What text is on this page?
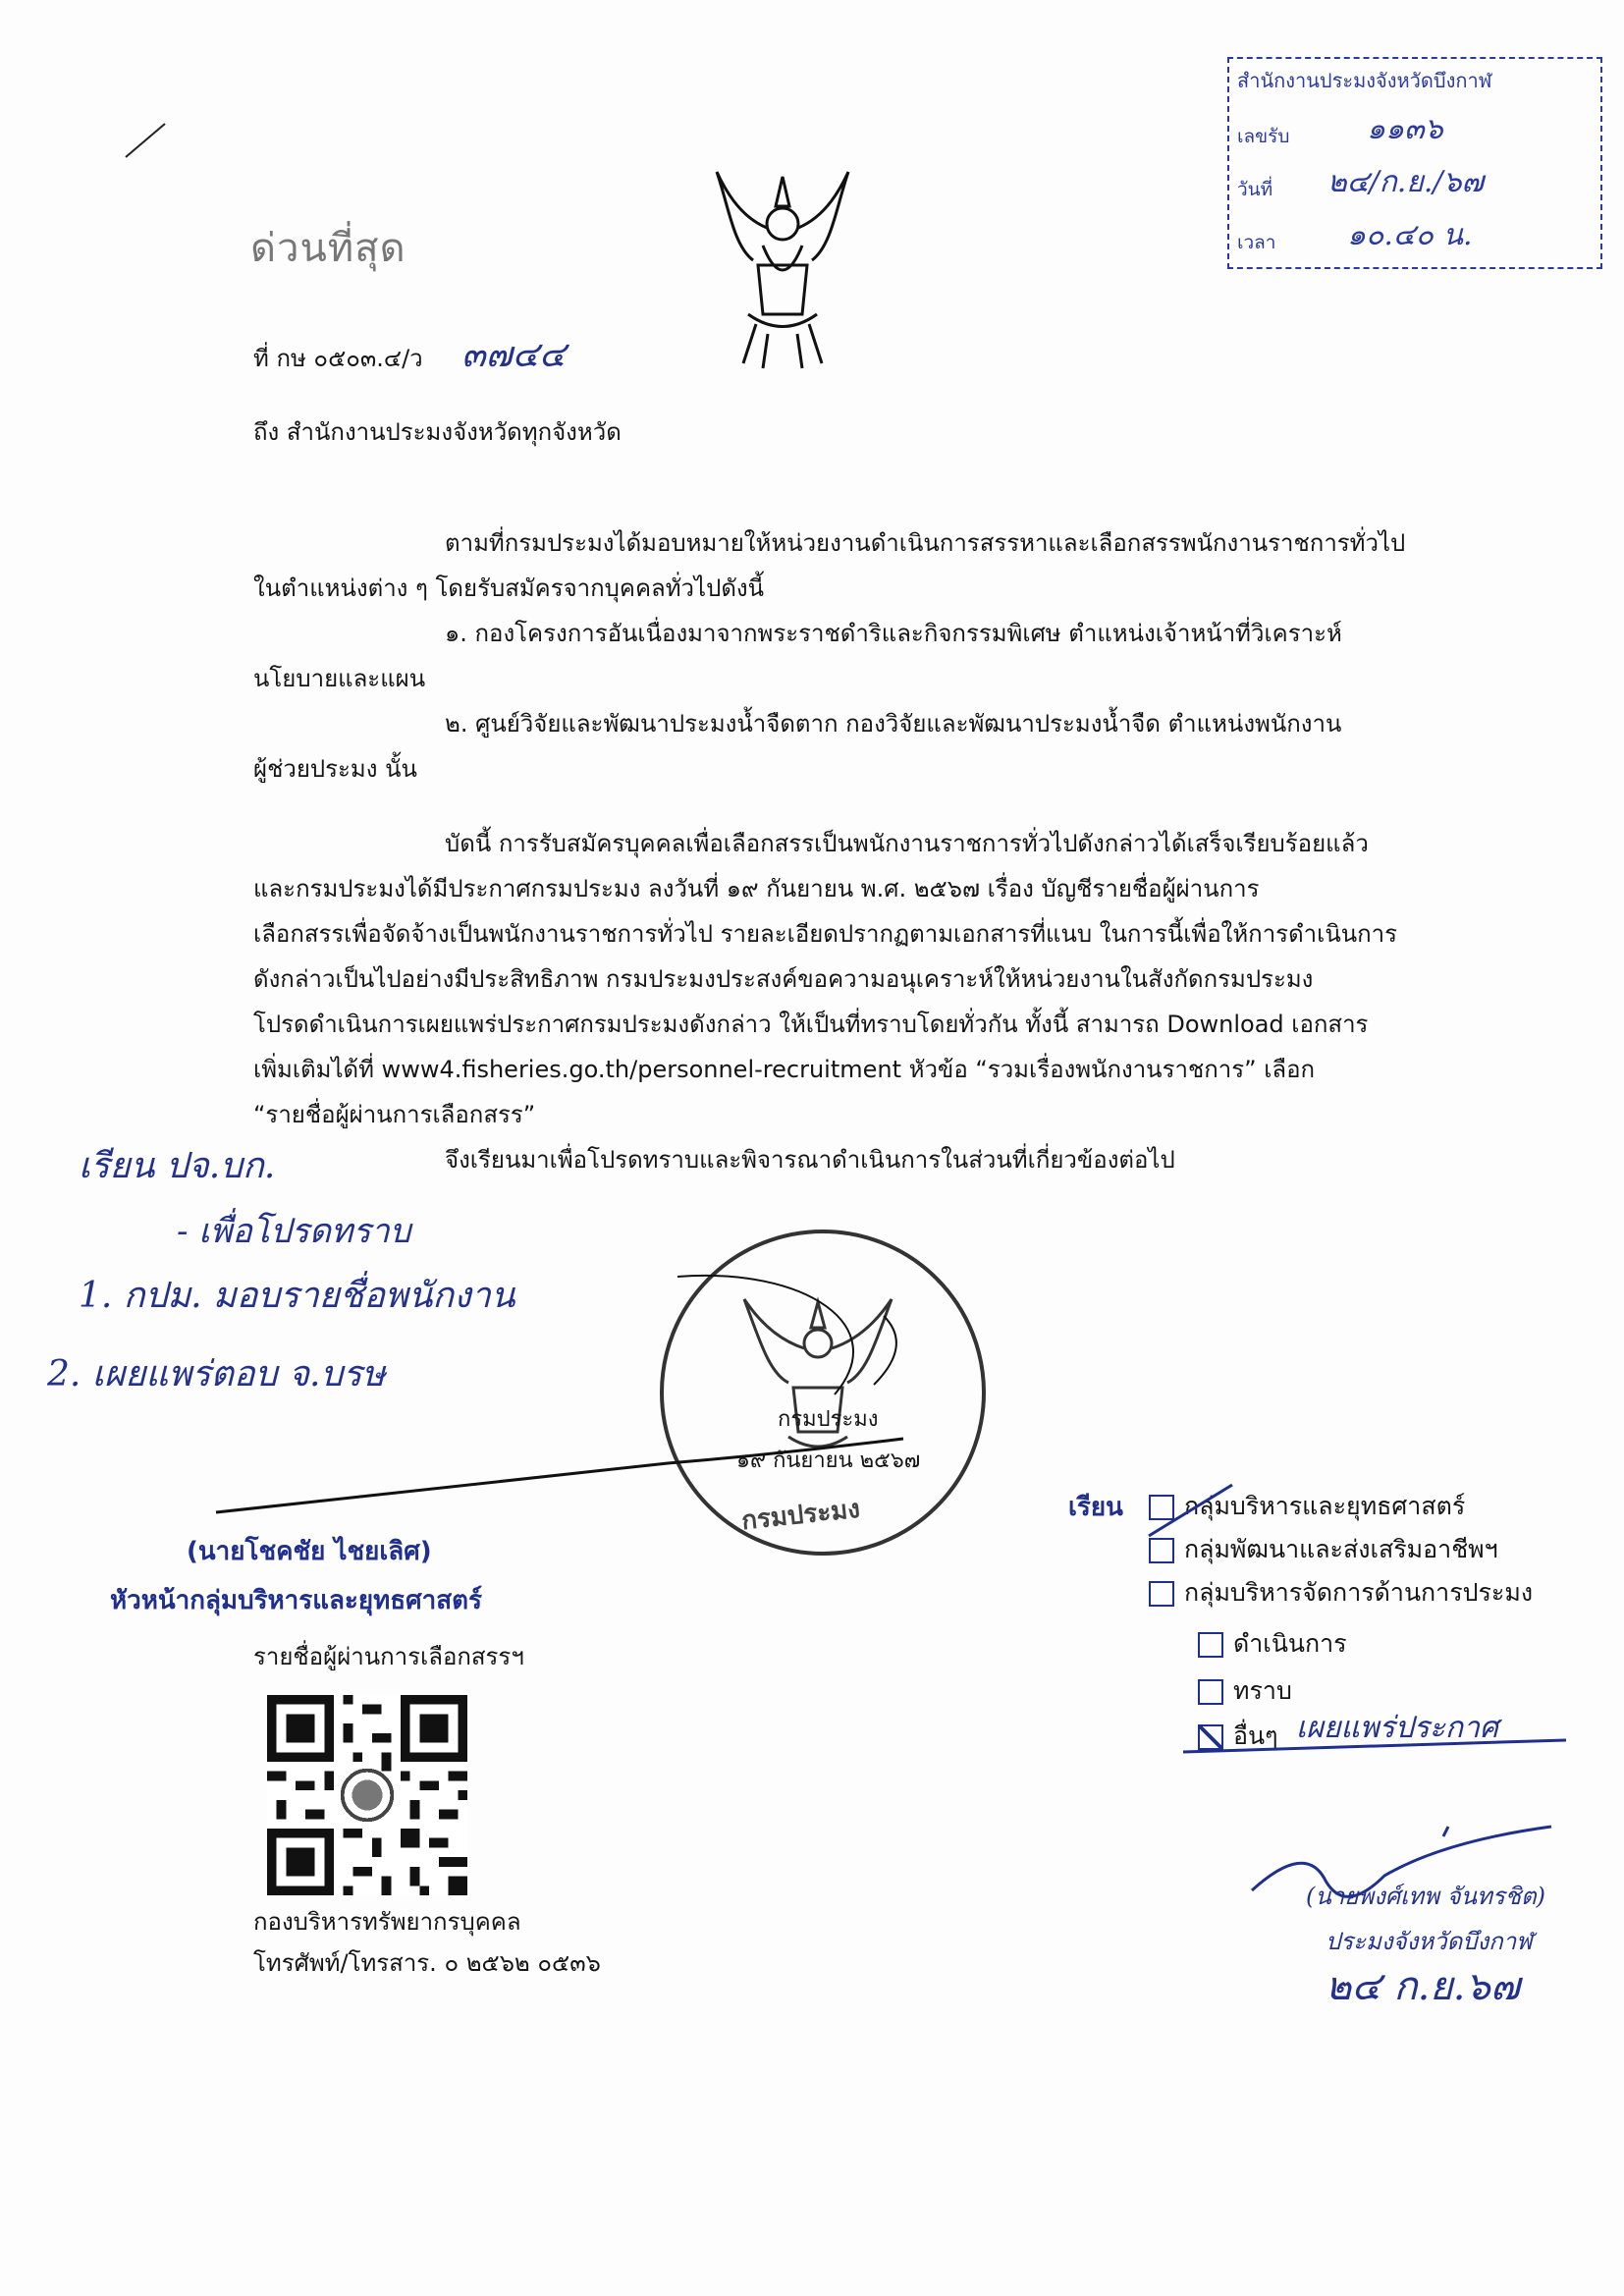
สำนักงานประมงจังหวัดบึงกาฬ
เลขรับ	๑๑๓๖
วันที่ ๒๔/ก.ย./๖๗
เวลา ๑๐.๔๐ น.
ด่วนที่สุด
ที่ กษ ๐๕๐๓.๔/ว ๓๗๔๔
ถึง สำนักงานประมงจังหวัดทุกจังหวัด
ตามที่กรมประมงได้มอบหมายให้หน่วยงานดำเนินการสรรหาและเลือกสรรพนักงานราชการทั่วไป
ในตำแหน่งต่าง ๆ โดยรับสมัครจากบุคคลทั่วไปดังนี้
๑. กองโครงการอันเนื่องมาจากพระราชดำริและกิจกรรมพิเศษ ตำแหน่งเจ้าหน้าที่วิเคราะห์
นโยบายและแผน
๒. ศูนย์วิจัยและพัฒนาประมงน้ำจืดตาก กองวิจัยและพัฒนาประมงน้ำจืด ตำแหน่งพนักงาน
ผู้ช่วยประมง นั้น
บัดนี้ การรับสมัครบุคคลเพื่อเลือกสรรเป็นพนักงานราชการทั่วไปดังกล่าวได้เสร็จเรียบร้อยแล้ว
และกรมประมงได้มีประกาศกรมประมง ลงวันที่ ๑๙ กันยายน พ.ศ. ๒๕๖๗ เรื่อง บัญชีรายชื่อผู้ผ่านการ
เลือกสรรเพื่อจัดจ้างเป็นพนักงานราชการทั่วไป รายละเอียดปรากฏตามเอกสารที่แนบ ในการนี้เพื่อให้การดำเนินการ
ดังกล่าวเป็นไปอย่างมีประสิทธิภาพ กรมประมงประสงค์ขอความอนุเคราะห์ให้หน่วยงานในสังกัดกรมประมง
โปรดดำเนินการเผยแพร่ประกาศกรมประมงดังกล่าว ให้เป็นที่ทราบโดยทั่วกัน ทั้งนี้ สามารถ Download เอกสาร
เพิ่มเติมได้ที่ www4.fisheries.go.th/personnel-recruitment หัวข้อ “รวมเรื่องพนักงานราชการ” เลือก
“รายชื่อผู้ผ่านการเลือกสรร”
จึงเรียนมาเพื่อโปรดทราบและพิจารณาดำเนินการในส่วนที่เกี่ยวข้องต่อไป
เรียน ปจ.บก.
- เพื่อโปรดทราบ
1. กปม. มอบรายชื่อพนักงาน
2. เผยแพร่ตอบ จ.บรษ
กรมประมง
๑๙ กันยายน ๒๕๖๗
กรมประมง
(นายโชคชัย ไชยเลิศ)
หัวหน้ากลุ่มบริหารและยุทธศาสตร์
รายชื่อผู้ผ่านการเลือกสรรฯ
กองบริหารทรัพยากรบุคคล
โทรศัพท์/โทรสาร. ๐ ๒๕๖๒ ๐๕๓๖
เรียน	กลุ่มบริหารและยุทธศาสตร์
กลุ่มพัฒนาและส่งเสริมอาชีพฯ
กลุ่มบริหารจัดการด้านการประมง
ดำเนินการ
ทราบ
อื่นๆ เผยแพร่ประกาศ
(นายพงศ์เทพ จันทรชิต)
ประมงจังหวัดบึงกาฬ
๒๔ ก.ย.๖๗
